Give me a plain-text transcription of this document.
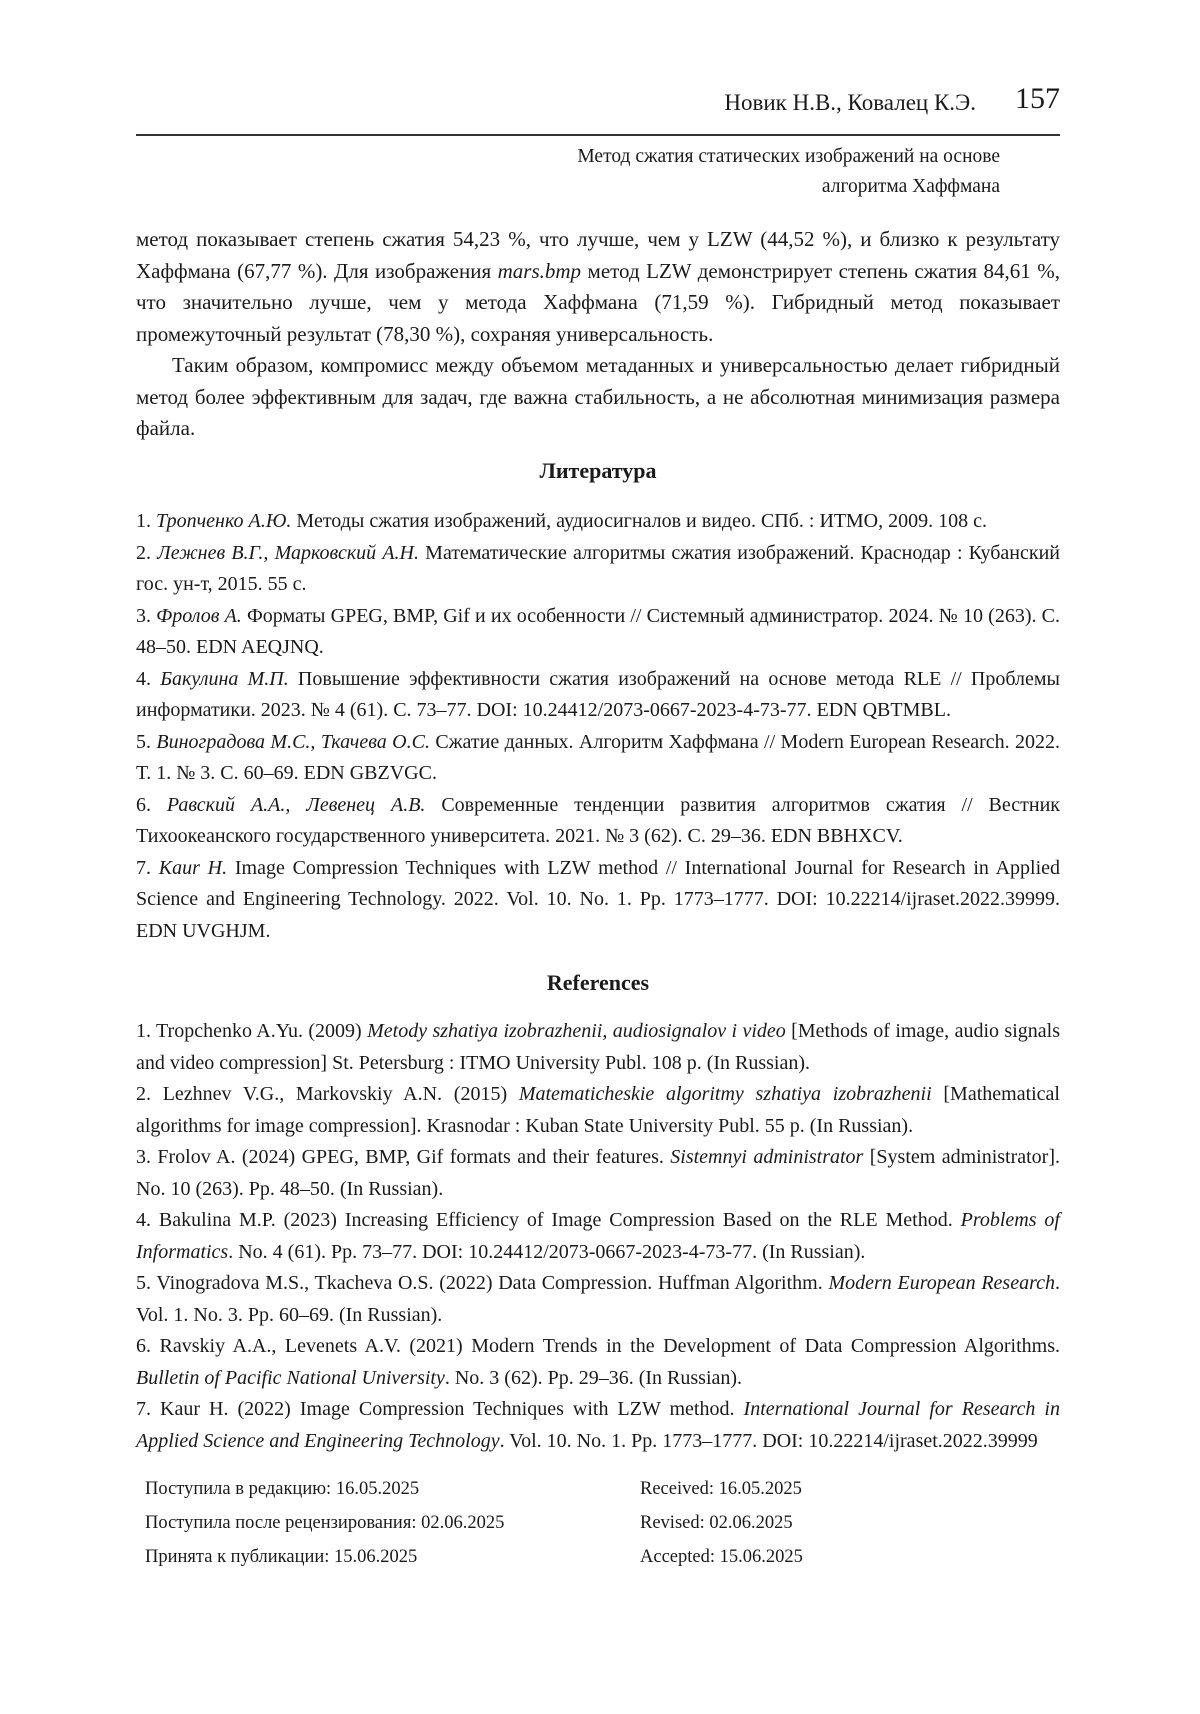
Новик Н.В., Ковалец К.Э. 157
Метод сжатия статических изображений на основе
алгоритма Хаффмана

метод показывает степень сжатия 54,23 %, что лучше, чем у LZW (44,52 %), и близко к результату Хаффмана (67,77 %). Для изображения mars.bmp метод LZW демонстрирует степень сжатия 84,61 %, что значительно лучше, чем у метода Хаффмана (71,59 %). Гибридный метод показывает промежуточный результат (78,30 %), сохраняя универсальность.

Таким образом, компромисс между объемом метаданных и универсальностью делает гибридный метод более эффективным для задач, где важна стабильность, а не абсолютная минимизация размера файла.

Литература

1. Тропченко А.Ю. Методы сжатия изображений, аудиосигналов и видео. СПб. : ИТМО, 2009. 108 с.

2. Лежнев В.Г., Марковский А.Н. Математические алгоритмы сжатия изображений. Краснодар : Кубанский гос. ун-т, 2015. 55 с.

3. Фролов А. Форматы GPEG, BMP, Gif и их особенности // Системный администратор. 2024. № 10 (263). С. 48–50. EDN AEQJNQ.

4. Бакулина М.П. Повышение эффективности сжатия изображений на основе метода RLE // Проблемы информатики. 2023. № 4 (61). С. 73–77. DOI: 10.24412/2073-0667-2023-4-73-77. EDN QBTMBL.

5. Виноградова М.С., Ткачева О.С. Сжатие данных. Алгоритм Хаффмана // Modern European Research. 2022. Т. 1. № 3. С. 60–69. EDN GBZVGC.

6. Равский А.А., Левенец А.В. Современные тенденции развития алгоритмов сжатия // Вестник Тихоокеанского государственного университета. 2021. № 3 (62). С. 29–36. EDN BBHXCV.

7. Kaur H. Image Compression Techniques with LZW method // International Journal for Research in Applied Science and Engineering Technology. 2022. Vol. 10. No. 1. Pp. 1773–1777. DOI: 10.22214/ijraset.2022.39999. EDN UVGHJM.

References

1. Tropchenko A.Yu. (2009) Metody szhatiya izobrazhenii, audiosignalov i video [Methods of image, audio signals and video compression] St. Petersburg : ITMO University Publ. 108 p. (In Russian).

2. Lezhnev V.G., Markovskiy A.N. (2015) Matematicheskie algoritmy szhatiya izobrazhenii [Mathematical algorithms for image compression]. Krasnodar : Kuban State University Publ. 55 p. (In Russian).

3. Frolov A. (2024) GPEG, BMP, Gif formats and their features. Sistemnyi administrator [System administrator]. No. 10 (263). Pp. 48–50. (In Russian).

4. Bakulina M.P. (2023) Increasing Efficiency of Image Compression Based on the RLE Method. Problems of Informatics. No. 4 (61). Pp. 73–77. DOI: 10.24412/2073-0667-2023-4-73-77. (In Russian).

5. Vinogradova M.S., Tkacheva O.S. (2022) Data Compression. Huffman Algorithm. Modern European Research. Vol. 1. No. 3. Pp. 60–69. (In Russian).

6. Ravskiy A.A., Levenets A.V. (2021) Modern Trends in the Development of Data Compression Algorithms. Bulletin of Pacific National University. No. 3 (62). Pp. 29–36. (In Russian).

7. Kaur H. (2022) Image Compression Techniques with LZW method. International Journal for Research in Applied Science and Engineering Technology. Vol. 10. No. 1. Pp. 1773–1777. DOI: 10.22214/ijraset.2022.39999

Поступила в редакцию: 16.05.2025	Received: 16.05.2025
Поступила после рецензирования: 02.06.2025	Revised: 02.06.2025
Принята к публикации: 15.06.2025	Accepted: 15.06.2025
